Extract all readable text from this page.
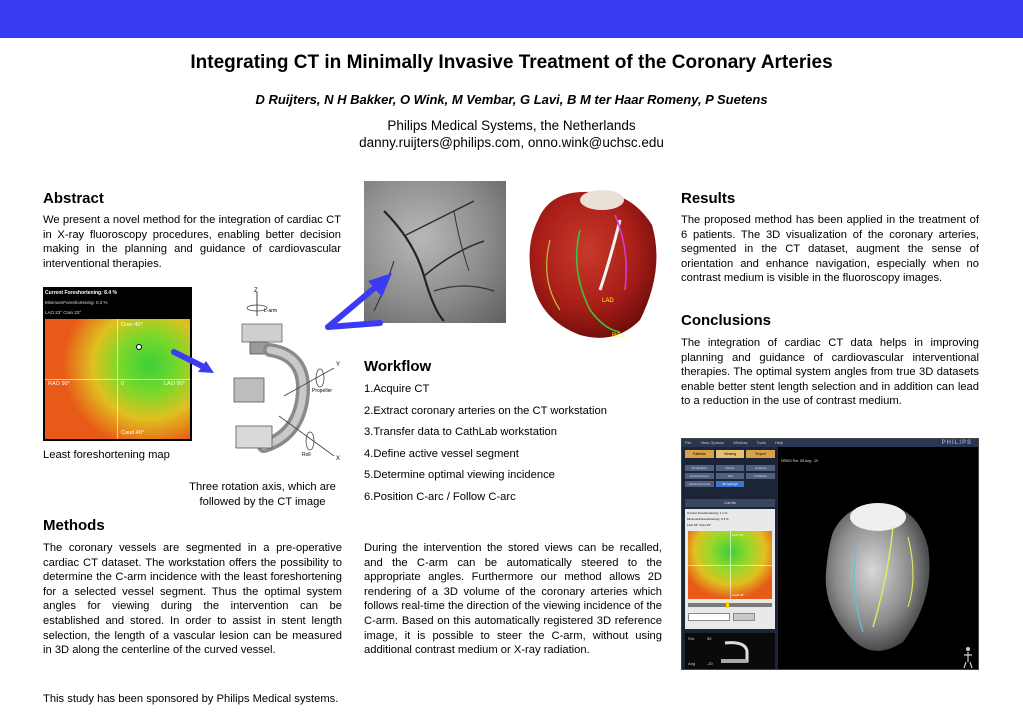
Integrating CT in Minimally Invasive Treatment of the Coronary Arteries
D Ruijters, N H Bakker, O Wink, M Vembar, G Lavi, B M ter Haar Romeny, P Suetens
Philips Medical Systems, the Netherlands
danny.ruijters@philips.com, onno.wink@uchsc.edu
Abstract

We present a novel method for the integration of cardiac CT in X-ray fluoroscopy procedures, enabling better decision making in the planning and guidance of cardiovascular interventional therapies.

Current Foreshortening: 8.4 %
MinimumForeshortening: 0.3 %
LAO 23° Cran 23°
Cran 40°
Caud 40°
RAO 90°	LAO 90°
0
Least foreshortening map
Z
Y
X
Propeller
Roll
L-arm
Three rotation axis, which are
followed by the CT image
Methods

The coronary vessels are segmented in a pre-operative cardiac CT dataset. The workstation offers the possibility to determine the C-arm incidence with the least foreshortening for a selected vessel segment. Thus the optimal system angles for viewing during the intervention can be established and stored. In order to assist in stent length selection, the length of a vascular lesion can be measured in 3D along the centerline of the curved vessel.

LAD
RCA
Workflow
1.Acquire CT
2.Extract coronary arteries on the CT workstation
3.Transfer data to CathLab workstation
4.Define active vessel segment
5.Determine optimal viewing incidence
6.Position C-arc / Follow C-arc

During the intervention the stored views can be recalled, and the C-arm can be automatically steered to the appropriate angles. Furthermore our method allows 2D rendering of a 3D volume of the coronary arteries which follows real-time the direction of the viewing incidence of the C-arm. Based on this automatically registered 3D reference image, it is possible to steer the C-arm, without using additional contrast medium or X-ray radiation.

Results

The proposed method has been applied in the treatment of 6 patients. The 3D visualization of the coronary arteries, segmented in the CT dataset, augment the sense of orientation and enhance navigation, especially when no contrast medium is visible in the fluoroscopy images.

Conclusions

The integration of cardiac CT data helps in improving planning and guidance of cardiovascular interventional therapies. The optimal system angles from true 3D datasets enable better stent length selection and in addition can lead to a reduction in the use of contrast medium.

File View Options Window Tools Help	PHILIPS
Patients	Viewing	Export
Workstation	Rotate	Analysis
Enhancement	Tool	CathFilter
Advanced Tools	3D Settings
Cardio
Current Foreshortening: 1.1 %
MinimumForeshortening: 0.3 %
LAO 23° Cran 23°
Cran 40°
Caud 40°
Rot	55
Ang	-20
DRMO Rot: 55 Ang: -19
This study has been sponsored by Philips Medical systems.
